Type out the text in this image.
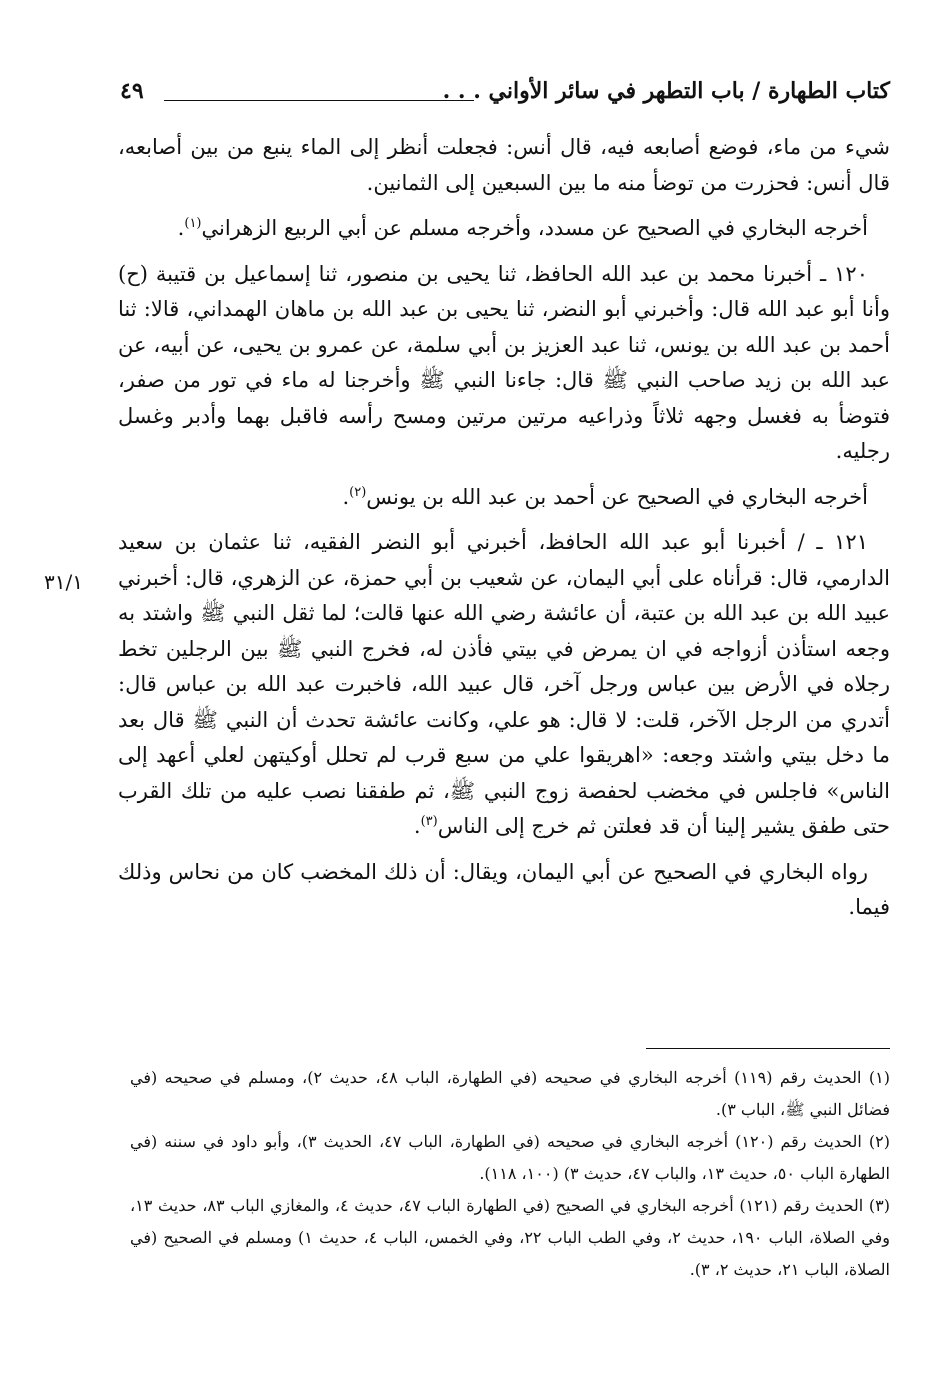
كتاب الطهارة / باب التطهر في سائر الأواني . . .
٤٩
٣١/١

شيء من ماء، فوضع أصابعه فيه، قال أنس: فجعلت أنظر إلى الماء ينبع من بين أصابعه، قال أنس: فحزرت من توضأ منه ما بين السبعين إلى الثمانين.

أخرجه البخاري في الصحيح عن مسدد، وأخرجه مسلم عن أبي الربيع الزهراني$^{(١)}$.

١٢٠ ـ أخبرنا محمد بن عبد الله الحافظ، ثنا يحيى بن منصور، ثنا إسماعيل بن قتيبة (ح) وأنا أبو عبد الله قال: وأخبرني أبو النضر، ثنا يحيى بن عبد الله بن ماهان الهمداني، قالا: ثنا أحمد بن عبد الله بن يونس، ثنا عبد العزيز بن أبي سلمة، عن عمرو بن يحيى، عن أبيه، عن عبد الله بن زيد صاحب النبي ﷺ قال: جاءنا النبي ﷺ وأخرجنا له ماء في تور من صفر، فتوضأ به فغسل وجهه ثلاثاً وذراعيه مرتين مرتين ومسح رأسه فاقبل بهما وأدبر وغسل رجليه.

أخرجه البخاري في الصحيح عن أحمد بن عبد الله بن يونس$^{(٢)}$.

١٢١ ـ / أخبرنا أبو عبد الله الحافظ، أخبرني أبو النضر الفقيه، ثنا عثمان بن سعيد الدارمي، قال: قرأناه على أبي اليمان، عن شعيب بن أبي حمزة، عن الزهري، قال: أخبرني عبيد الله بن عبد الله بن عتبة، أن عائشة رضي الله عنها قالت؛ لما ثقل النبي ﷺ واشتد به وجعه استأذن أزواجه في ان يمرض في بيتي فأذن له، فخرج النبي ﷺ بين الرجلين تخط رجلاه في الأرض بين عباس ورجل آخر، قال عبيد الله، فاخبرت عبد الله بن عباس قال: أتدري من الرجل الآخر، قلت: لا قال: هو علي، وكانت عائشة تحدث أن النبي ﷺ قال بعد ما دخل بيتي واشتد وجعه: «اهريقوا علي من سبع قرب لم تحلل أوكيتهن لعلي أعهد إلى الناس» فاجلس في مخضب لحفصة زوج النبي ﷺ، ثم طفقنا نصب عليه من تلك القرب حتى طفق يشير إلينا أن قد فعلتن ثم خرج إلى الناس$^{(٣)}$.

رواه البخاري في الصحيح عن أبي اليمان، ويقال: أن ذلك المخضب كان من نحاس وذلك فيما.

(١) الحديث رقم (١١٩) أخرجه البخاري في صحيحه (في الطهارة، الباب ٤٨، حديث ٢)، ومسلم في صحيحه (في فضائل النبي ﷺ، الباب ٣).

(٢) الحديث رقم (١٢٠) أخرجه البخاري في صحيحه (في الطهارة، الباب ٤٧، الحديث ٣)، وأبو داود في سننه (في الطهارة الباب ٥٠، حديث ١٣، والباب ٤٧، حديث ٣) (١٠٠، ١١٨).

(٣) الحديث رقم (١٢١) أخرجه البخاري في الصحيح (في الطهارة الباب ٤٧، حديث ٤، والمغازي الباب ٨٣، حديث ١٣، وفي الصلاة، الباب ١٩٠، حديث ٢، وفي الطب الباب ٢٢، وفي الخمس، الباب ٤، حديث ١) ومسلم في الصحيح (في الصلاة، الباب ٢١، حديث ٢، ٣).
